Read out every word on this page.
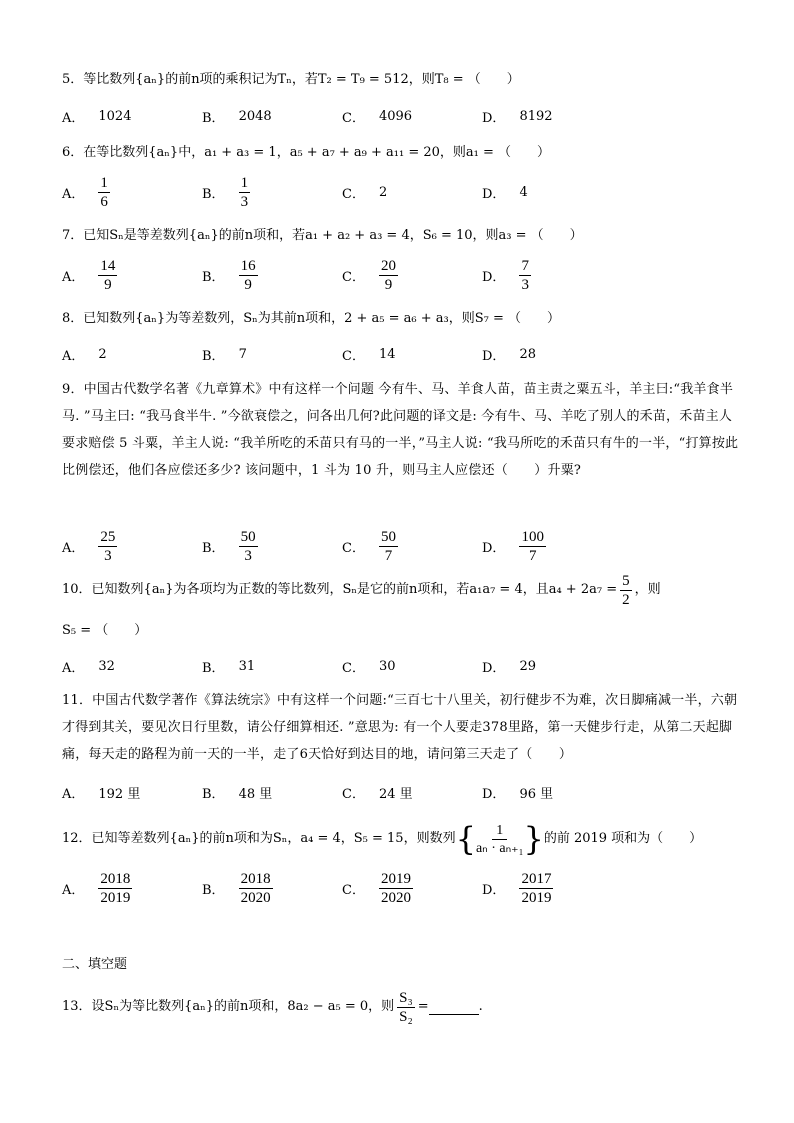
5．等比数列{aₙ}的前n项的乘积记为Tₙ，若T₂ = T₉ = 512，则T₈ = （　　）
A． 1024	B． 2048	C． 4096	D． 8192
6．在等比数列{aₙ}中，a₁ + a₃ = 1，a₅ + a₇ + a₉ + a₁₁ = 20，则a₁ = （　　）
A． $\frac{1}{6}$	B． $\frac{1}{3}$	C． 2	D． 4
7．已知Sₙ是等差数列{aₙ}的前n项和，若a₁ + a₂ + a₃ = 4，S₆ = 10，则a₃ = （　　）
A． $\frac{14}{9}$	B． $\frac{16}{9}$	C． $\frac{20}{9}$	D． $\frac{7}{3}$
8．已知数列{aₙ}为等差数列，Sₙ为其前n项和，2 + a₅ = a₆ + a₃，则S₇ = （　　）
A． 2	B． 7	C． 14	D． 28
9．中国古代数学名著《九章算术》中有这样一个问题 今有牛、马、羊食人苗，苗主责之粟五斗，羊主曰:“我羊食半马. ”马主曰: “我马食半牛. ”今欲衰偿之，问各出几何?此问题的译文是: 今有牛、马、羊吃了别人的禾苗，禾苗主人要求赔偿 5 斗粟，羊主人说: “我羊所吃的禾苗只有马的一半，”马主人说: “我马所吃的禾苗只有牛的一半，“打算按此比例偿还，他们各应偿还多少? 该问题中，1 斗为 10 升，则马主人应偿还（　　）升粟?
A． $\frac{25}{3}$	B． $\frac{50}{3}$	C． $\frac{50}{7}$	D． $\frac{100}{7}$
10．已知数列{aₙ}为各项均为正数的等比数列，Sₙ是它的前n项和，若a₁a₇ = 4，且$a_4 + 2a_7 = \frac{5}{2}$ ，则
S₅ = （　　）
A． 32	B． 31	C． 30	D． 29
11．中国古代数学著作《算法统宗》中有这样一个问题:“三百七十八里关，初行健步不为难，次日脚痛减一半，六朝才得到其关，要见次日行里数，请公仔细算相还. ”意思为: 有一个人要走378里路，第一天健步行走，从第二天起脚痛，每天走的路程为前一天的一半，走了6天恰好到达目的地，请问第三天走了（　　）
A． 192 里	B． 48 里	C． 24 里	D． 96 里
12．已知等差数列{aₙ}的前n项和为Sₙ，a₄ = 4，S₅ = 15，则数列 { $\frac{1}{\text{aₙ · aₙ₊₁}}$ } 的前 2019 项和为（　　）
A． $\frac{2018}{2019}$	B． $\frac{2018}{2020}$	C． $\frac{2019}{2020}$	D． $\frac{2017}{2019}$
二、填空题
13．设Sₙ为等比数列{aₙ}的前n项和，8a₂ − a₅ = 0，则 $\frac{\text{S₃}}{\text{S₂}}$ =	.
